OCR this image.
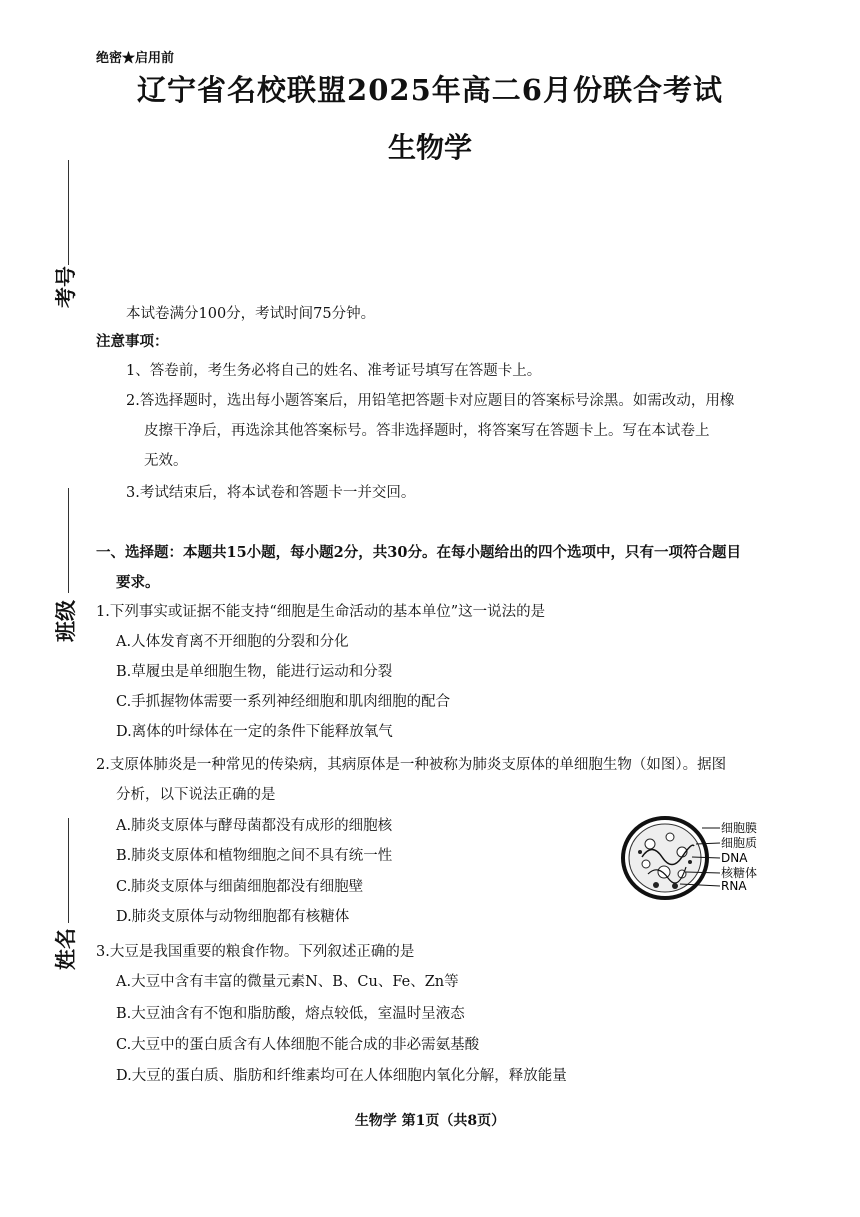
绝密★启用前
辽宁省名校联盟2025年高二6月份联合考试
生物学
考号
班级
姓名
本试卷满分100分，考试时间75分钟。
注意事项：
1、答卷前，考生务必将自己的姓名、准考证号填写在答题卡上。
2.答选择题时，选出每小题答案后，用铅笔把答题卡对应题目的答案标号涂黑。如需改动，用橡
皮擦干净后，再选涂其他答案标号。答非选择题时，将答案写在答题卡上。写在本试卷上
无效。
3.考试结束后，将本试卷和答题卡一并交回。
一、选择题：本题共15小题，每小题2分，共30分。在每小题给出的四个选项中，只有一项符合题目
要求。
1.下列事实或证据不能支持“细胞是生命活动的基本单位”这一说法的是
A.人体发育离不开细胞的分裂和分化
B.草履虫是单细胞生物，能进行运动和分裂
C.手抓握物体需要一系列神经细胞和肌肉细胞的配合
D.离体的叶绿体在一定的条件下能释放氧气
2.支原体肺炎是一种常见的传染病，其病原体是一种被称为肺炎支原体的单细胞生物（如图）。据图
分析，以下说法正确的是
A.肺炎支原体与酵母菌都没有成形的细胞核
B.肺炎支原体和植物细胞之间不具有统一性
C.肺炎支原体与细菌细胞都没有细胞壁
D.肺炎支原体与动物细胞都有核糖体
细胞膜
细胞质
DNA
核糖体
RNA
3.大豆是我国重要的粮食作物。下列叙述正确的是
A.大豆中含有丰富的微量元素N、B、Cu、Fe、Zn等
B.大豆油含有不饱和脂肪酸，熔点较低，室温时呈液态
C.大豆中的蛋白质含有人体细胞不能合成的非必需氨基酸
D.大豆的蛋白质、脂肪和纤维素均可在人体细胞内氧化分解，释放能量
生物学 第1页（共8页）
